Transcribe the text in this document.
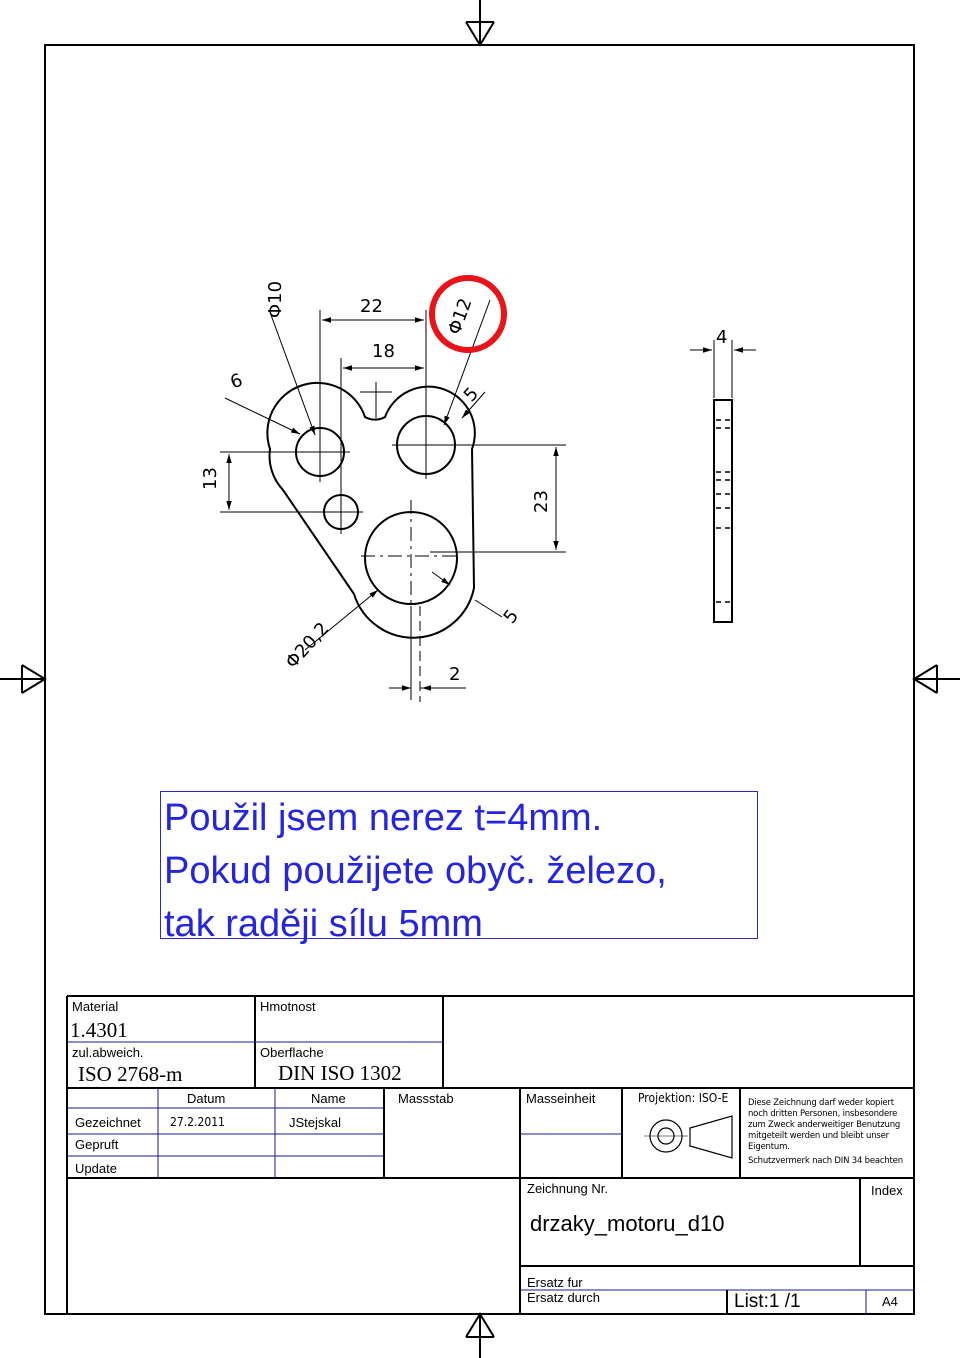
22
18
4
6
Φ10	Φ12
5
13
23
Φ20,2
5
2
Použil jsem nerez t=4mm.
Pokud použijete obyč. železo,
tak raději sílu 5mm
Material
1.4301
zul.abweich.
ISO 2768-m
Hmotnost
Oberflache
DIN ISO 1302
Datum	Name	Massstab	Masseinheit	Projektion: ISO-E
Gezeichnet 27.2.2011	JStejskal
Gepruft
Update
Diese Zeichnung darf weder kopiert noch dritten Personen, insbesondere zum Zweck anderweitiger Benutzung mitgeteilt werden und bleibt unser Eigentum.
Schutzvermerk nach DIN 34 beachten
Zeichnung Nr.
drzaky_motoru_d10
Index
Ersatz fur
Ersatz durch	List:1 /1	A4
